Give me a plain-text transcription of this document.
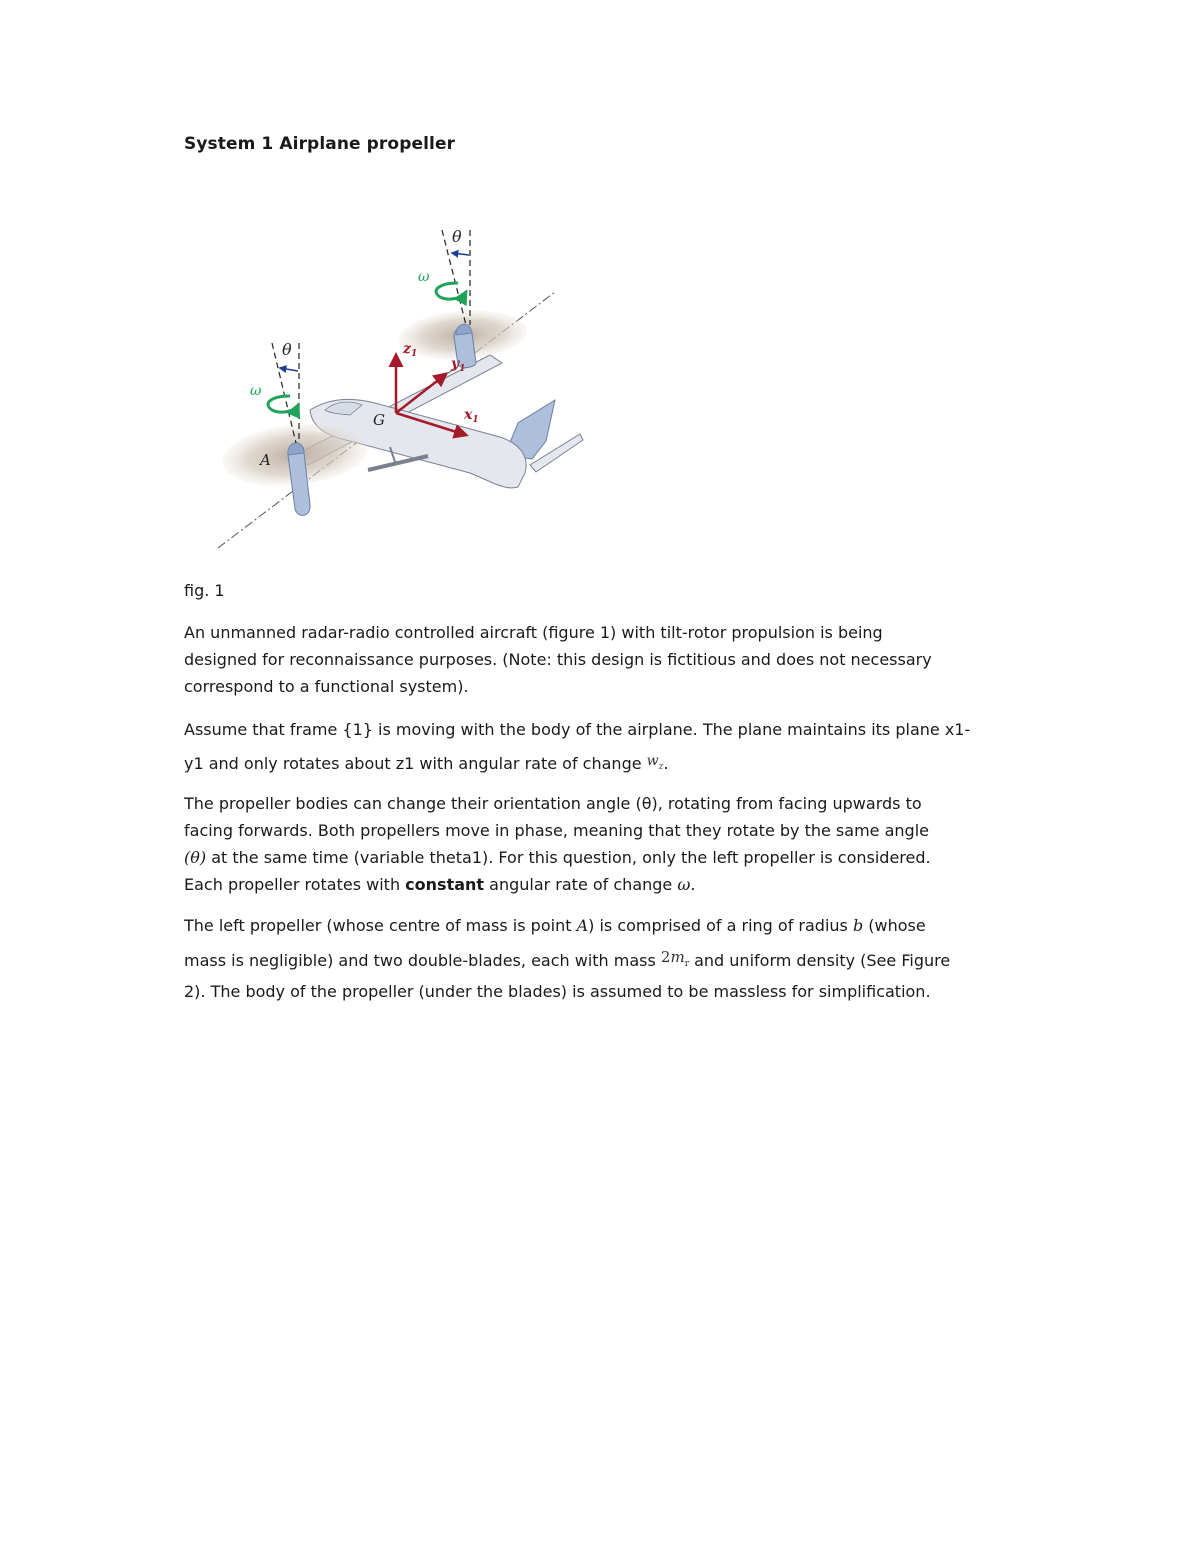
System 1 Airplane propeller
θ
ω
θ
ω
$z_1$
$y_1$
$x_1$
G
A
fig. 1
An unmanned radar-radio controlled aircraft (figure 1) with tilt-rotor propulsion is being
designed for reconnaissance purposes. (Note: this design is fictitious and does not necessary
correspond to a functional system).
Assume that frame {1} is moving with the body of the airplane. The plane maintains its plane x1-
y1 and only rotates about z1 with angular rate of change $w_z$.
The propeller bodies can change their orientation angle (θ), rotating from facing upwards to
facing forwards. Both propellers move in phase, meaning that they rotate by the same angle
(θ) at the same time (variable theta1). For this question, only the left propeller is considered.
Each propeller rotates with constant angular rate of change ω.
The left propeller (whose centre of mass is point A) is comprised of a ring of radius b (whose
mass is negligible) and two double-blades, each with mass $2m_r$ and uniform density (See Figure
2). The body of the propeller (under the blades) is assumed to be massless for simplification.
